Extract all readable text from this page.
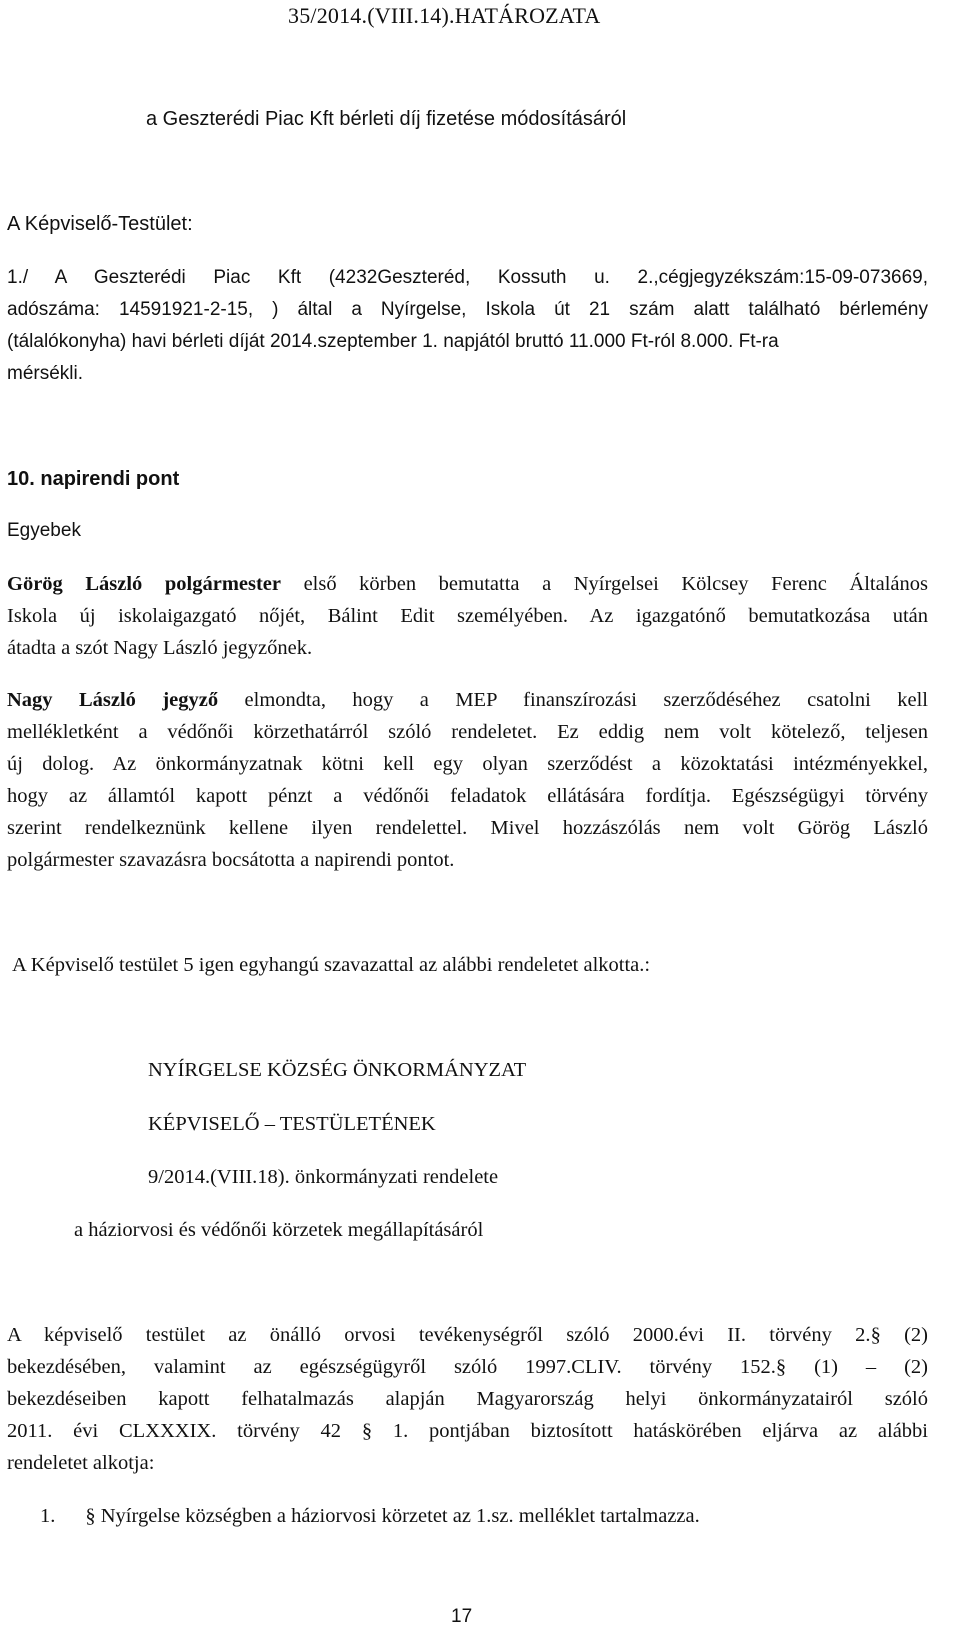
35/2014.(VIII.14).HATÁROZATA

a Geszterédi Piac Kft bérleti díj fizetése módosításáról

A Képviselő-Testület:

1./ A Geszterédi Piac Kft (4232Geszteréd, Kossuth u. 2.,cégjegyzékszám:15-09-073669,

adószáma: 14591921-2-15, ) által a Nyírgelse, Iskola út 21 szám alatt található bérlemény

(tálalókonyha) havi bérleti díját 2014.szeptember 1. napjától bruttó 11.000 Ft-ról 8.000. Ft-ra

mérsékli.

10. napirendi pont

Egyebek

Görög László polgármester első körben bemutatta a Nyírgelsei Kölcsey Ferenc Általános

Iskola új iskolaigazgató nőjét, Bálint Edit személyében. Az igazgatónő bemutatkozása után

átadta a szót Nagy László jegyzőnek.

Nagy László jegyző elmondta, hogy a MEP finanszírozási szerződéséhez csatolni kell

mellékletként a védőnői körzethatárról szóló rendeletet. Ez eddig nem volt kötelező, teljesen

új dolog. Az önkormányzatnak kötni kell egy olyan szerződést a közoktatási intézményekkel,

hogy az államtól kapott pénzt a védőnői feladatok ellátására fordítja. Egészségügyi törvény

szerint rendelkeznünk kellene ilyen rendelettel. Mivel hozzászólás nem volt Görög László

polgármester szavazásra bocsátotta a napirendi pontot.

A Képviselő testület 5 igen egyhangú szavazattal az alábbi rendeletet alkotta.:

NYÍRGELSE KÖZSÉG ÖNKORMÁNYZAT

KÉPVISELŐ – TESTÜLETÉNEK

9/2014.(VIII.18). önkormányzati rendelete

a háziorvosi és védőnői körzetek megállapításáról

A képviselő testület az önálló orvosi tevékenységről szóló 2000.évi II. törvény 2.§ (2)

bekezdésében, valamint az egészségügyről szóló 1997.CLIV. törvény 152.§ (1) – (2)

bekezdéseiben kapott felhatalmazás alapján Magyarország helyi önkormányzatairól szóló

2011. évi CLXXXIX. törvény 42 § 1. pontjában biztosított hatáskörében eljárva az alábbi

rendeletet alkotja:

1. § Nyírgelse községben a háziorvosi körzetet az 1.sz. melléklet tartalmazza.

17
